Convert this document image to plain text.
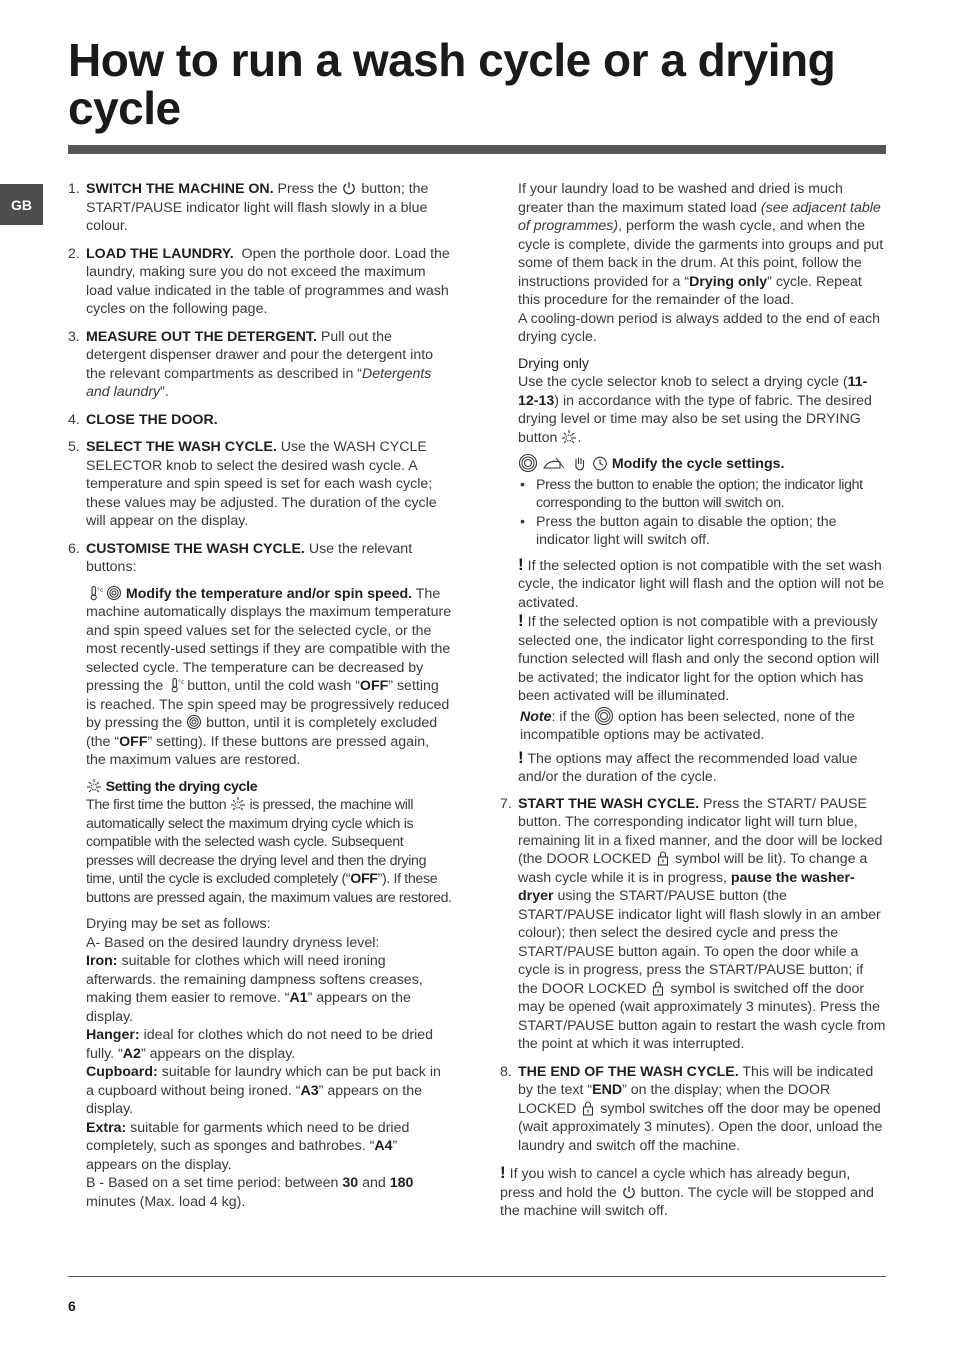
How to run a wash cycle or a drying cycle
GB
1. SWITCH THE MACHINE ON. Press the button; the START/PAUSE indicator light will flash slowly in a blue colour.

2. LOAD THE LAUNDRY. Open the porthole door. Load the laundry, making sure you do not exceed the maximum load value indicated in the table of programmes and wash cycles on the following page.

3. MEASURE OUT THE DETERGENT. Pull out the detergent dispenser drawer and pour the detergent into the relevant compartments as described in “Detergents and laundry”.

4. CLOSE THE DOOR.

5. SELECT THE WASH CYCLE. Use the WASH CYCLE SELECTOR knob to select the desired wash cycle. A temperature and spin speed is set for each wash cycle; these values may be adjusted. The duration of the cycle will appear on the display.

6. CUSTOMISE THE WASH CYCLE. Use the relevant buttons:

°c
Modify the temperature and/or spin speed. The machine automatically displays the maximum temperature and spin speed values set for the selected cycle, or the most recently-used settings if they are compatible with the selected cycle. The temperature can be decreased by pressing the °c button, until the cold wash “OFF” setting is reached. The spin speed may be progressively reduced by pressing the button, until it is completely excluded (the “OFF” setting). If these buttons are pressed again, the maximum values are restored.

Setting the drying cycle
The first time the button is pressed, the machine will automatically select the maximum drying cycle which is compatible with the selected wash cycle. Subsequent presses will decrease the drying level and then the drying time, until the cycle is excluded completely (“OFF”). If these buttons are pressed again, the maximum values are restored.

Drying may be set as follows:
A- Based on the desired laundry dryness level:
Iron: suitable for clothes which will need ironing afterwards. the remaining dampness softens creases, making them easier to remove. “A1” appears on the display.
Hanger: ideal for clothes which do not need to be dried fully. “A2” appears on the display.
Cupboard: suitable for laundry which can be put back in a cupboard without being ironed. “A3” appears on the display.
Extra: suitable for garments which need to be dried completely, such as sponges and bathrobes. “A4” appears on the display.
B - Based on a set time period: between 30 and 180 minutes (Max. load 4 kg).

If your laundry load to be washed and dried is much greater than the maximum stated load (see adjacent table of programmes), perform the wash cycle, and when the cycle is complete, divide the garments into groups and put some of them back in the drum. At this point, follow the instructions provided for a “Drying only” cycle. Repeat this procedure for the remainder of the load.
A cooling-down period is always added to the end of each drying cycle.

Drying only
Use the cycle selector knob to select a drying cycle (11-12-13) in accordance with the type of fabric. The desired drying level or time may also be set using the DRYING button .

Modify the cycle settings.

• Press the button to enable the option; the indicator light corresponding to the button will switch on.
• Press the button again to disable the option; the indicator light will switch off.

! If the selected option is not compatible with the set wash cycle, the indicator light will flash and the option will not be activated.

! If the selected option is not compatible with a previously selected one, the indicator light corresponding to the first function selected will flash and only the second option will be activated; the indicator light for the option which has been activated will be illuminated.

Note: if the option has been selected, none of the incompatible options may be activated.

! The options may affect the recommended load value and/or the duration of the cycle.

7. START THE WASH CYCLE. Press the START/ PAUSE button. The corresponding indicator light will turn blue, remaining lit in a fixed manner, and the door will be locked (the DOOR LOCKED symbol will be lit). To change a wash cycle while it is in progress, pause the washer-dryer using the START/PAUSE button (the START/PAUSE indicator light will flash slowly in an amber colour); then select the desired cycle and press the START/PAUSE button again. To open the door while a cycle is in progress, press the START/PAUSE button; if the DOOR LOCKED symbol is switched off the door may be opened (wait approximately 3 minutes). Press the START/PAUSE button again to restart the wash cycle from the point at which it was interrupted.

8. THE END OF THE WASH CYCLE. This will be indicated by the text “END” on the display; when the DOOR LOCKED symbol switches off the door may be opened (wait approximately 3 minutes). Open the door, unload the laundry and switch off the machine.

! If you wish to cancel a cycle which has already begun, press and hold the button. The cycle will be stopped and the machine will switch off.

6
